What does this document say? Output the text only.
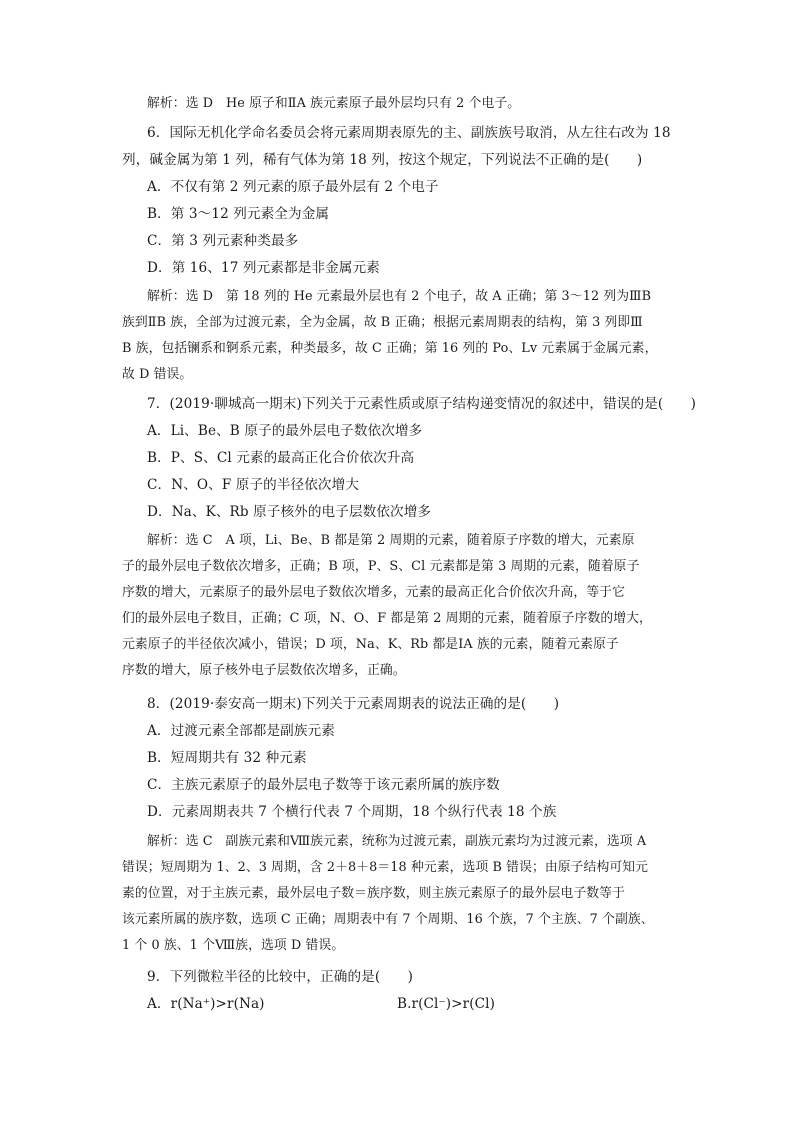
解析：选 D　He 原子和ⅡA 族元素原子最外层均只有 2 个电子。
6．国际无机化学命名委员会将元素周期表原先的主、副族族号取消，从左往右改为 18
列，碱金属为第 1 列，稀有气体为第 18 列，按这个规定，下列说法不正确的是(　　)
A．不仅有第 2 列元素的原子最外层有 2 个电子
B．第 3～12 列元素全为金属
C．第 3 列元素种类最多
D．第 16、17 列元素都是非金属元素
解析：选 D　第 18 列的 He 元素最外层也有 2 个电子，故 A 正确；第 3～12 列为ⅢB
族到ⅡB 族，全部为过渡元素，全为金属，故 B 正确；根据元素周期表的结构，第 3 列即Ⅲ
B 族，包括镧系和锕系元素，种类最多，故 C 正确；第 16 列的 Po、Lv 元素属于金属元素，
故 D 错误。
7．(2019·聊城高一期末)下列关于元素性质或原子结构递变情况的叙述中，错误的是(　　)
A．Li、Be、B 原子的最外层电子数依次增多
B．P、S、Cl 元素的最高正化合价依次升高
C．N、O、F 原子的半径依次增大
D．Na、K、Rb 原子核外的电子层数依次增多
解析：选 C　A 项，Li、Be、B 都是第 2 周期的元素，随着原子序数的增大，元素原
子的最外层电子数依次增多，正确；B 项，P、S、Cl 元素都是第 3 周期的元素，随着原子
序数的增大，元素原子的最外层电子数依次增多，元素的最高正化合价依次升高，等于它
们的最外层电子数目，正确；C 项，N、O、F 都是第 2 周期的元素，随着原子序数的增大，
元素原子的半径依次减小，错误；D 项，Na、K、Rb 都是ⅠA 族的元素，随着元素原子
序数的增大，原子核外电子层数依次增多，正确。
8．(2019·泰安高一期末)下列关于元素周期表的说法正确的是(　　)
A．过渡元素全部都是副族元素
B．短周期共有 32 种元素
C．主族元素原子的最外层电子数等于该元素所属的族序数
D．元素周期表共 7 个横行代表 7 个周期，18 个纵行代表 18 个族
解析：选 C　副族元素和Ⅷ族元素，统称为过渡元素，副族元素均为过渡元素，选项 A
错误；短周期为 1、2、3 周期，含 2＋8＋8＝18 种元素，选项 B 错误；由原子结构可知元
素的位置，对于主族元素，最外层电子数＝族序数，则主族元素原子的最外层电子数等于
该元素所属的族序数，选项 C 正确；周期表中有 7 个周期、16 个族，7 个主族、7 个副族、
1 个 0 族、1 个Ⅷ族，选项 D 错误。
9．下列微粒半径的比较中，正确的是(　　)
A．r(Na⁺)>r(Na)	B.r(Cl⁻)>r(Cl)
